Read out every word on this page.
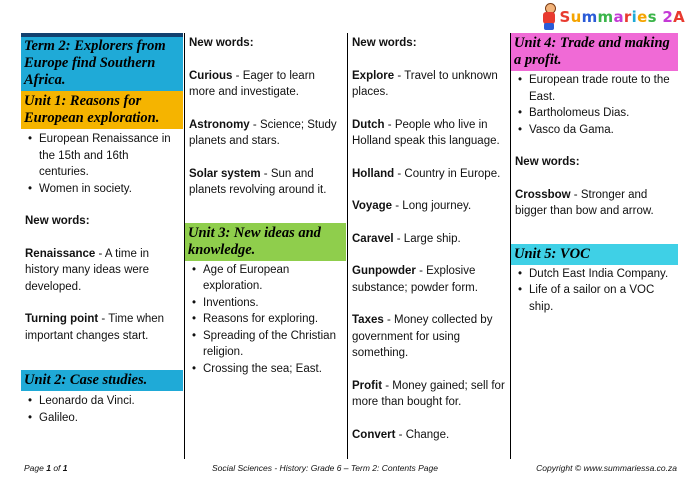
Summaries 2A
Term 2: Explorers from Europe find Southern Africa.
Unit 1: Reasons for European exploration.
• European Renaissance in the 15th and 16th centuries.
• Women in society.
New words:

Renaissance - A time in history many ideas were developed.

Turning point - Time when important changes start.

Unit 2: Case studies.
• Leonardo da Vinci.
• Galileo.
New words:

Curious - Eager to learn more and investigate.

Astronomy - Science; Study planets and stars.

Solar system - Sun and planets revolving around it.

Unit 3: New ideas and knowledge.
• Age of European exploration.
• Inventions.
• Reasons for exploring.
• Spreading of the Christian religion.
• Crossing the sea; East.
New words:

Explore - Travel to unknown places.

Dutch - People who live in Holland speak this language.

Holland - Country in Europe.

Voyage - Long journey.

Caravel - Large ship.

Gunpowder - Explosive substance; powder form.

Taxes - Money collected by government for using something.

Profit - Money gained; sell for more than bought for.

Convert - Change.

Unit 4: Trade and making a profit.
• European trade route to the East.
• Bartholomeus Dias.
• Vasco da Gama.
New words:

Crossbow - Stronger and bigger than bow and arrow.

Unit 5: VOC
• Dutch East India Company.
• Life of a sailor on a VOC ship.
Page 1 of 1	Social Sciences - History: Grade 6 – Term 2: Contents Page	Copyright © www.summariessa.co.za
